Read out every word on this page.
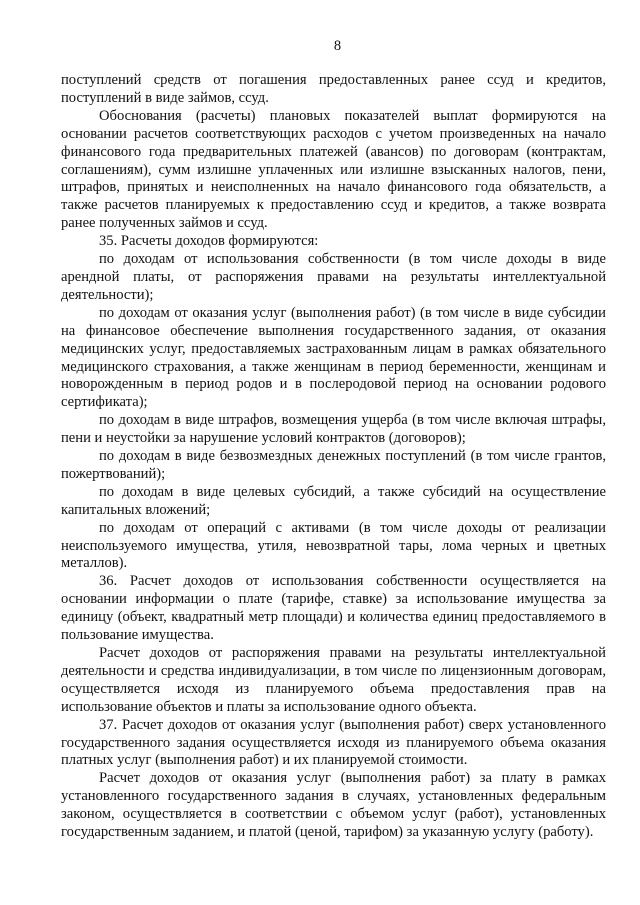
8

поступлений средств от погашения предоставленных ранее ссуд и кредитов, поступлений в виде займов, ссуд.

Обоснования (расчеты) плановых показателей выплат формируются на основании расчетов соответствующих расходов с учетом произведенных на начало финансового года предварительных платежей (авансов) по договорам (контрактам, соглашениям), сумм излишне уплаченных или излишне взысканных налогов, пени, штрафов, принятых и неисполненных на начало финансового года обязательств, а также расчетов планируемых к предоставлению ссуд и кредитов, а также возврата ранее полученных займов и ссуд.

35. Расчеты доходов формируются:

по доходам от использования собственности (в том числе доходы в виде арендной платы, от распоряжения правами на результаты интеллектуальной деятельности);

по доходам от оказания услуг (выполнения работ) (в том числе в виде субсидии на финансовое обеспечение выполнения государственного задания, от оказания медицинских услуг, предоставляемых застрахованным лицам в рамках обязательного медицинского страхования, а также женщинам в период беременности, женщинам и новорожденным в период родов и в послеродовой период на основании родового сертификата);

по доходам в виде штрафов, возмещения ущерба (в том числе включая штрафы, пени и неустойки за нарушение условий контрактов (договоров);

по доходам в виде безвозмездных денежных поступлений (в том числе грантов, пожертвований);

по доходам в виде целевых субсидий, а также субсидий на осуществление капитальных вложений;

по доходам от операций с активами (в том числе доходы от реализации неиспользуемого имущества, утиля, невозвратной тары, лома черных и цветных металлов).

36. Расчет доходов от использования собственности осуществляется на основании информации о плате (тарифе, ставке) за использование имущества за единицу (объект, квадратный метр площади) и количества единиц предоставляемого в пользование имущества.

Расчет доходов от распоряжения правами на результаты интеллектуальной деятельности и средства индивидуализации, в том числе по лицензионным договорам, осуществляется исходя из планируемого объема предоставления прав на использование объектов и платы за использование одного объекта.

37. Расчет доходов от оказания услуг (выполнения работ) сверх установленного государственного задания осуществляется исходя из планируемого объема оказания платных услуг (выполнения работ) и их планируемой стоимости.

Расчет доходов от оказания услуг (выполнения работ) за плату в рамках установленного государственного задания в случаях, установленных федеральным законом, осуществляется в соответствии с объемом услуг (работ), установленных государственным заданием, и платой (ценой, тарифом) за указанную услугу (работу).
